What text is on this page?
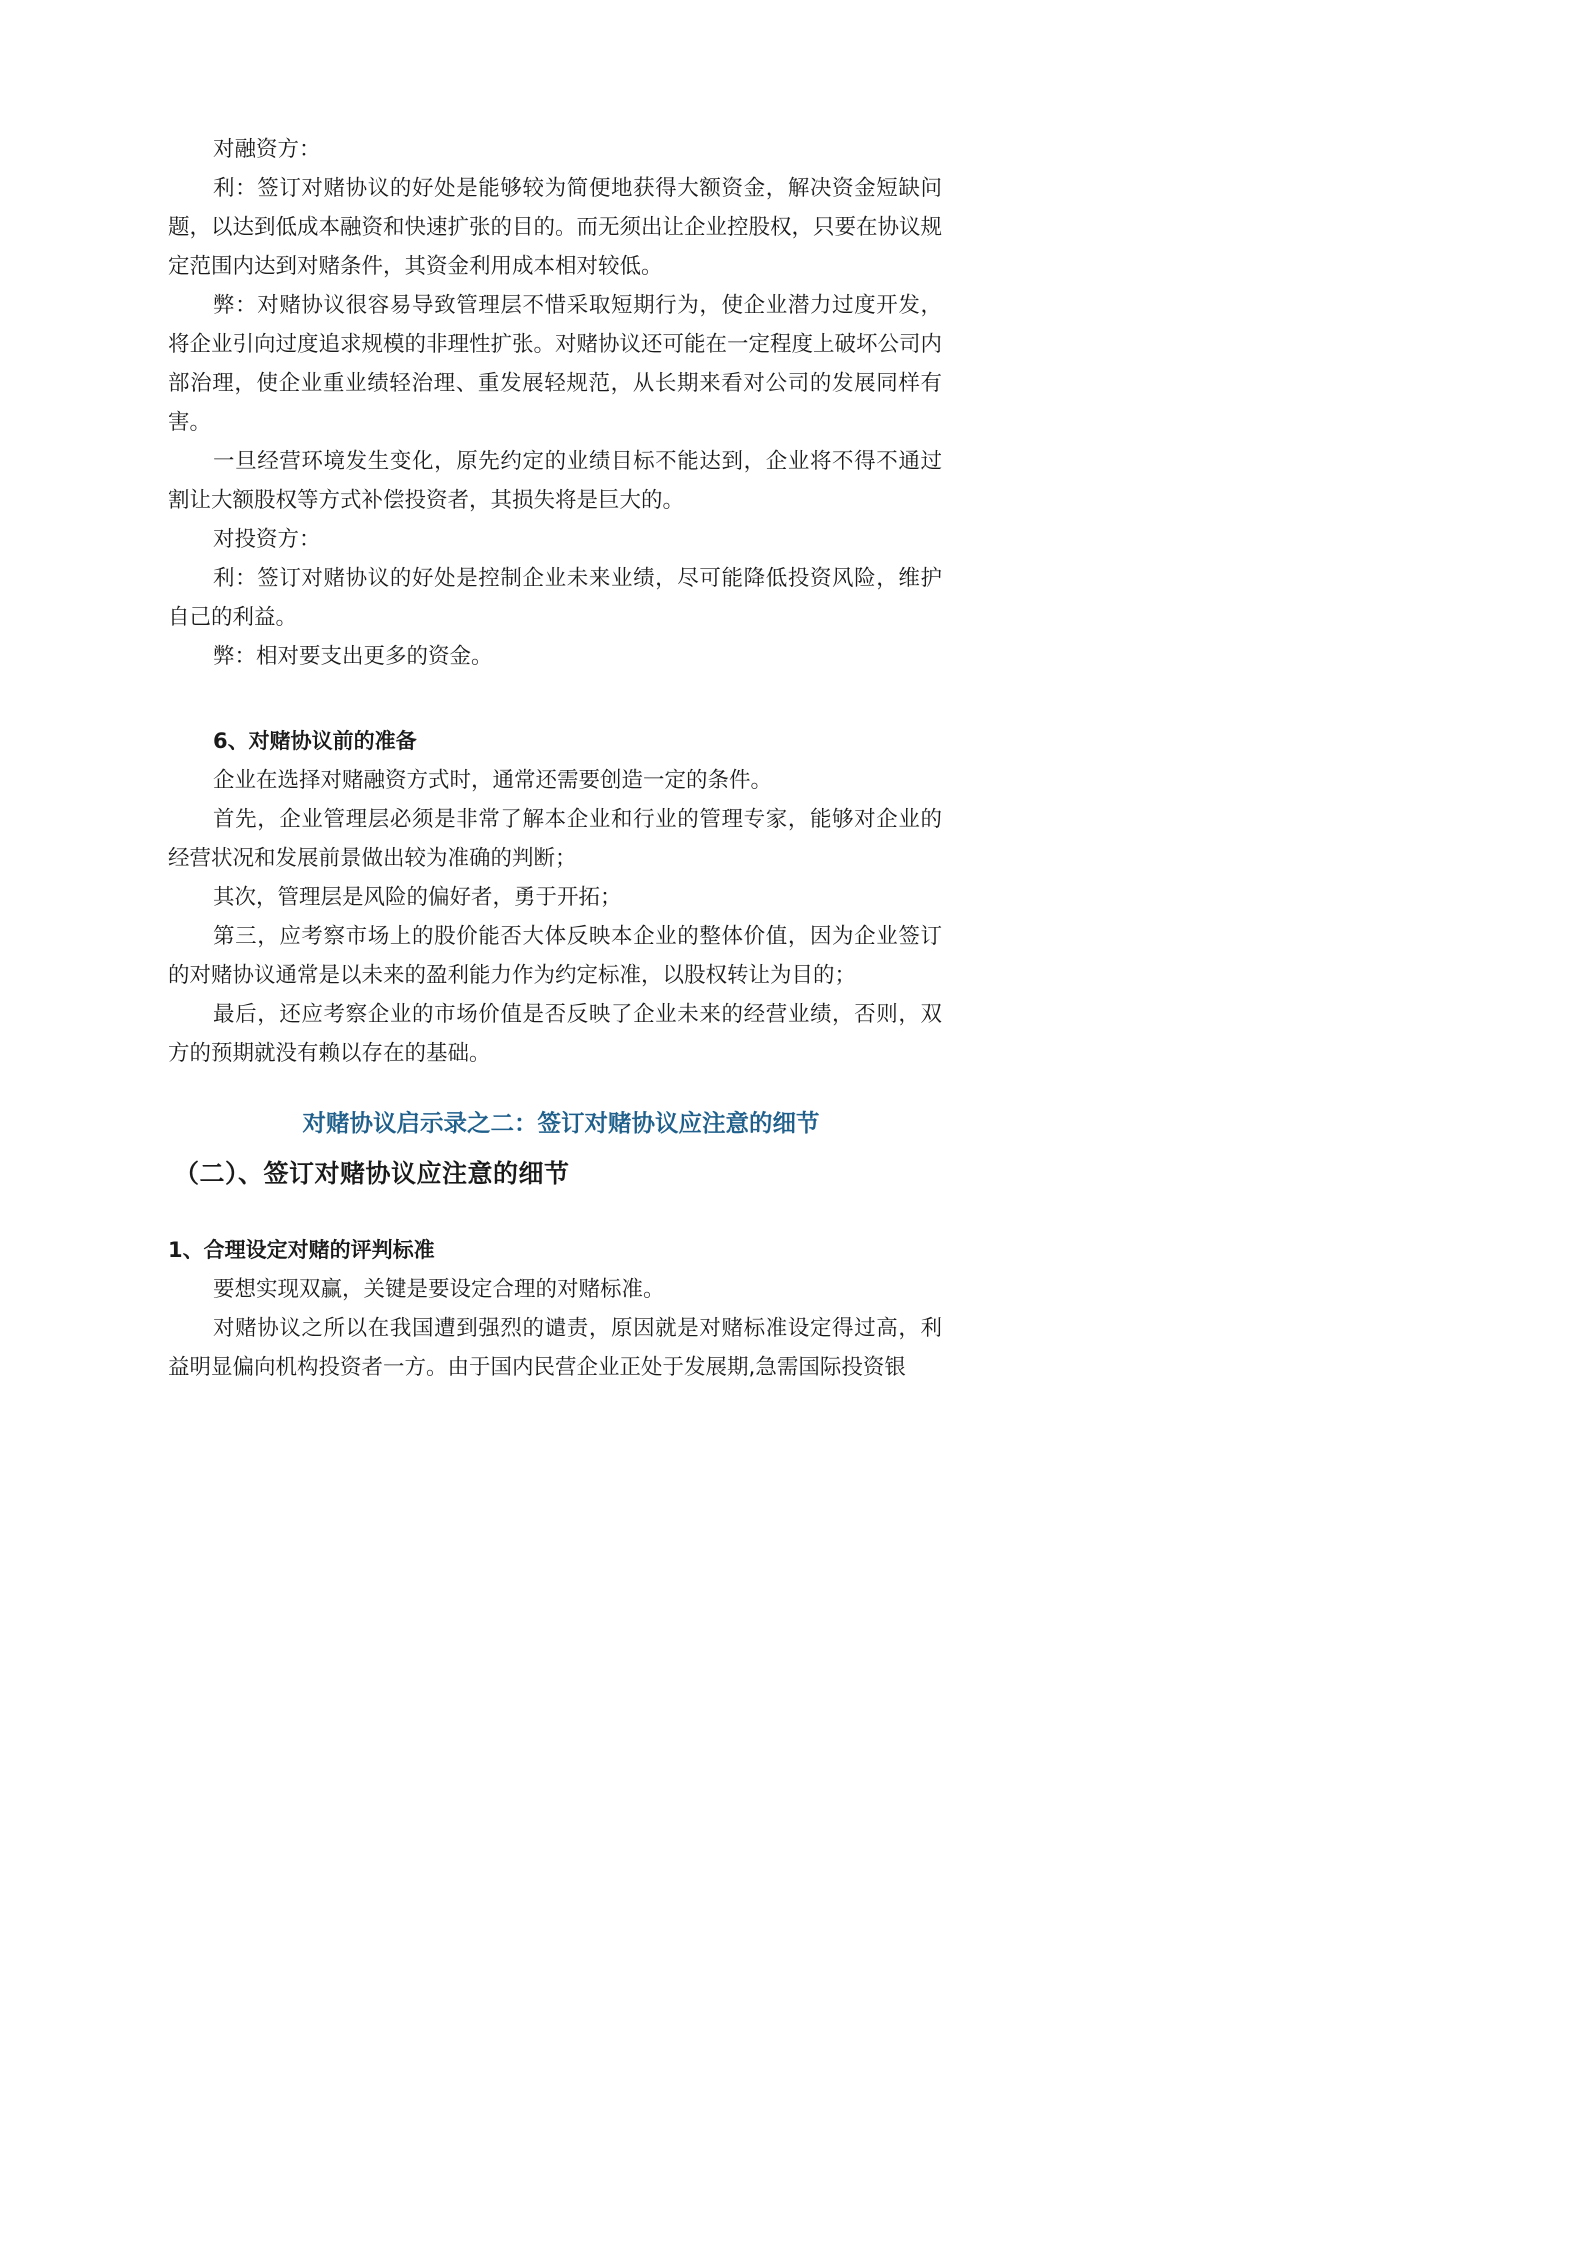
对融资方：

利：签订对赌协议的好处是能够较为简便地获得大额资金，解决资金短缺问题，以达到低成本融资和快速扩张的目的。而无须出让企业控股权，只要在协议规定范围内达到对赌条件，其资金利用成本相对较低。

弊：对赌协议很容易导致管理层不惜采取短期行为，使企业潜力过度开发，将企业引向过度追求规模的非理性扩张。对赌协议还可能在一定程度上破坏公司内部治理，使企业重业绩轻治理、重发展轻规范，从长期来看对公司的发展同样有害。

一旦经营环境发生变化，原先约定的业绩目标不能达到，企业将不得不通过割让大额股权等方式补偿投资者，其损失将是巨大的。

对投资方：

利：签订对赌协议的好处是控制企业未来业绩，尽可能降低投资风险，维护自己的利益。

弊：相对要支出更多的资金。

6、对赌协议前的准备

企业在选择对赌融资方式时，通常还需要创造一定的条件。

首先，企业管理层必须是非常了解本企业和行业的管理专家，能够对企业的经营状况和发展前景做出较为准确的判断；

其次，管理层是风险的偏好者，勇于开拓；

第三，应考察市场上的股价能否大体反映本企业的整体价值，因为企业签订的对赌协议通常是以未来的盈利能力作为约定标准，以股权转让为目的；

最后，还应考察企业的市场价值是否反映了企业未来的经营业绩，否则，双方的预期就没有赖以存在的基础。

对赌协议启示录之二：签订对赌协议应注意的细节

（二）、签订对赌协议应注意的细节

1、合理设定对赌的评判标准

要想实现双赢，关键是要设定合理的对赌标准。

对赌协议之所以在我国遭到强烈的谴责，原因就是对赌标准设定得过高，利益明显偏向机构投资者一方。由于国内民营企业正处于发展期,急需国际投资银
